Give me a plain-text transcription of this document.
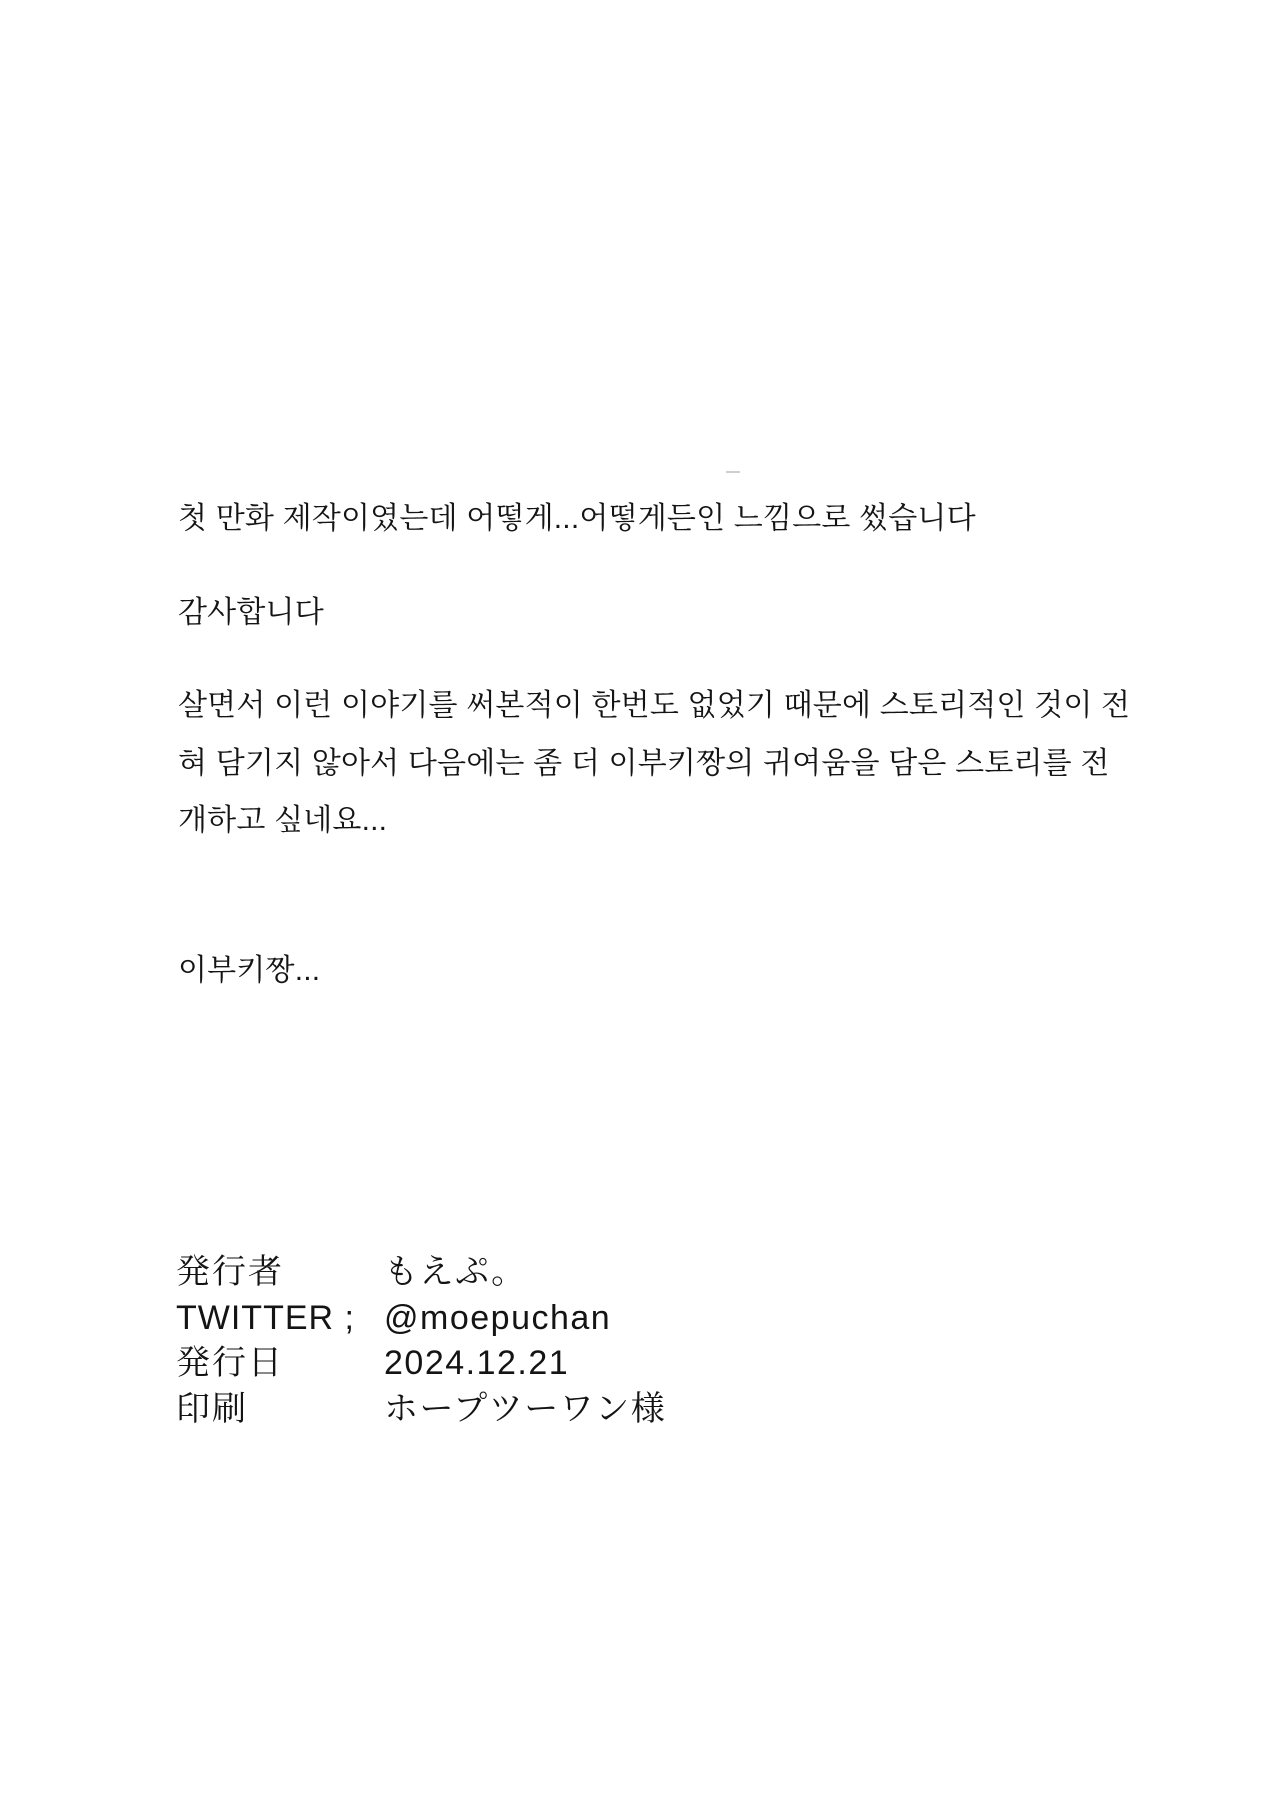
첫 만화 제작이였는데 어떻게...어떻게든인 느낌으로 썼습니다

감사합니다

살면서 이런 이야기를 써본적이 한번도 없었기 때문에 스토리적인 것이 전혀 담기지 않아서 다음에는 좀 더 이부키짱의 귀여움을 담은 스토리를 전개하고 싶네요...

이부키짱...

発行者	もえぷ。
TWITTER ; @moepuchan
発行日	2024.12.21
印刷	ホープツーワン様
